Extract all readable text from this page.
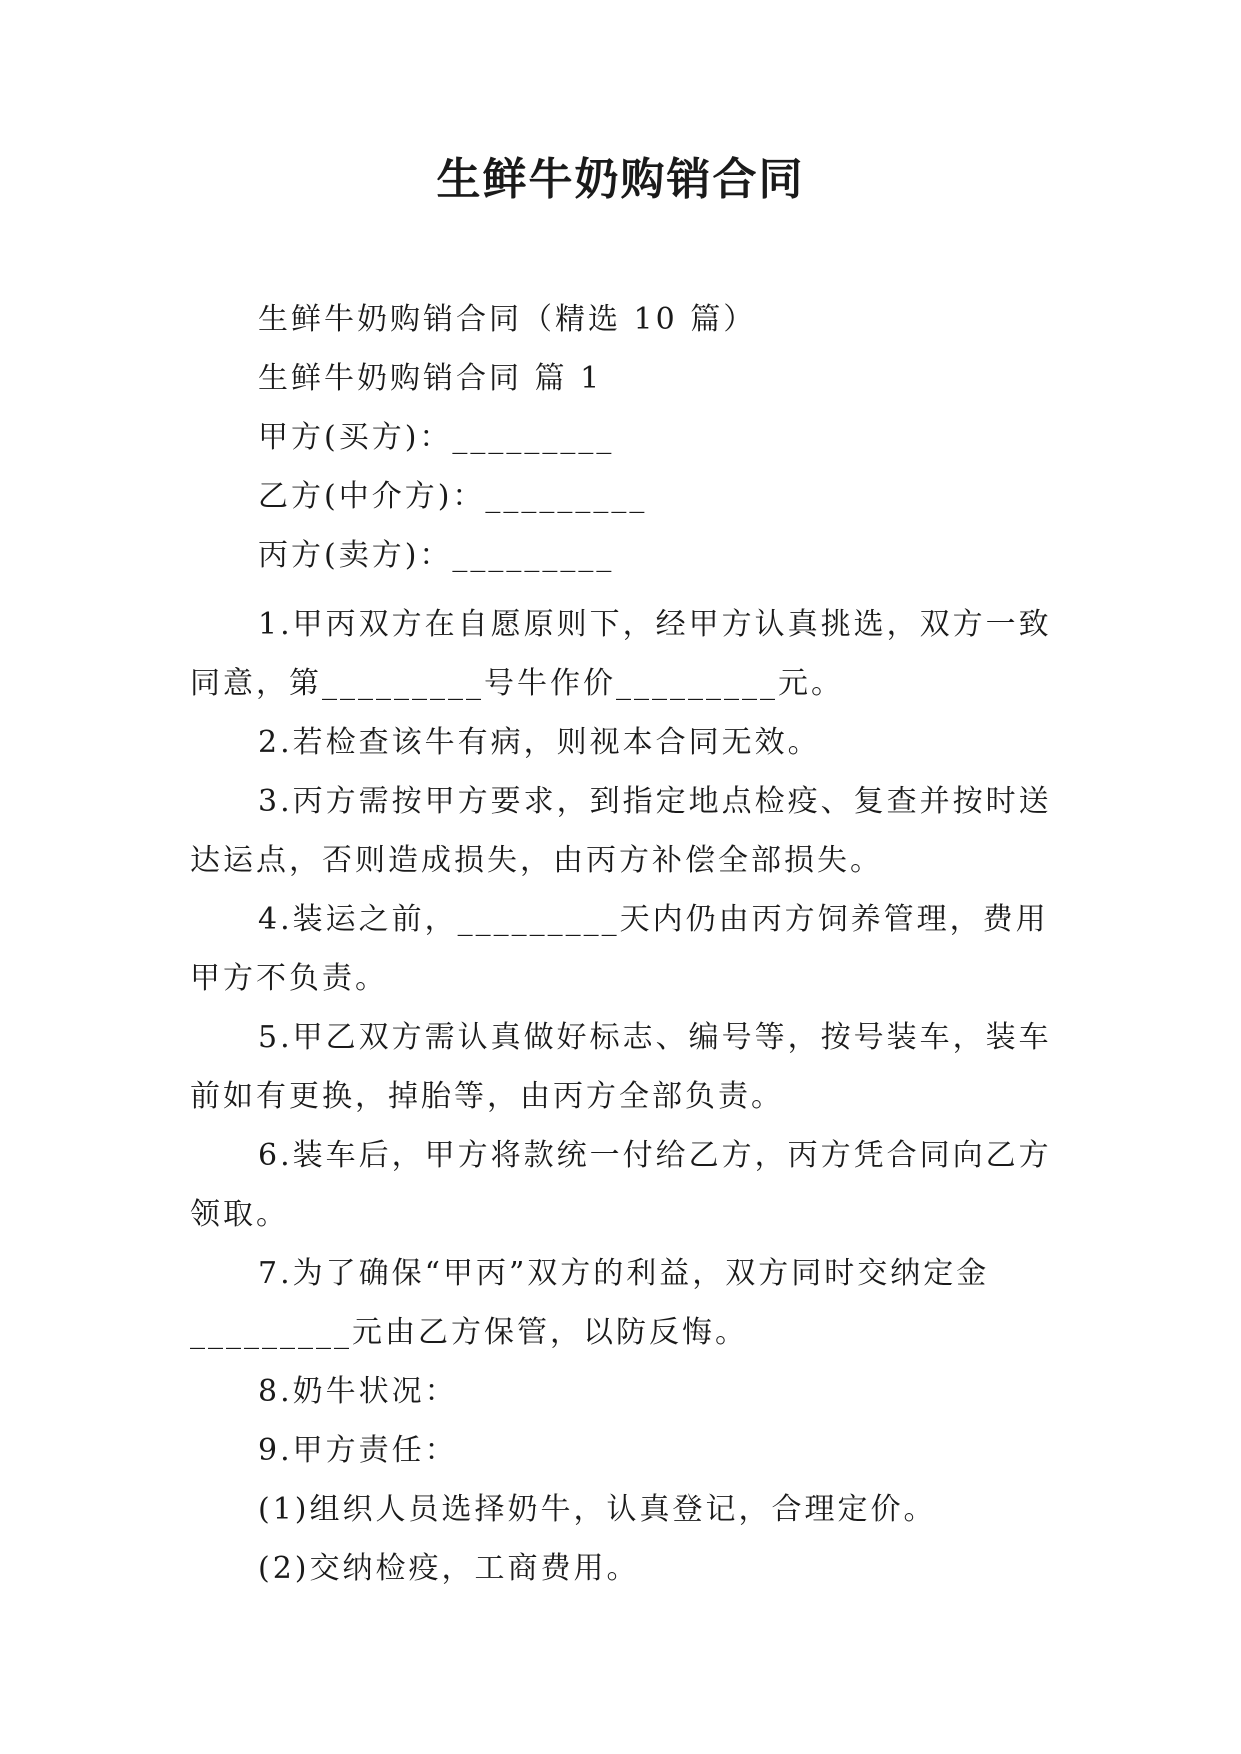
生鲜牛奶购销合同
生鲜牛奶购销合同（精选 10 篇）
生鲜牛奶购销合同 篇 1
甲方(买方)：_________
乙方(中介方)：_________
丙方(卖方)：_________
1.甲丙双方在自愿原则下，经甲方认真挑选，双方一致
同意，第_________号牛作价_________元。
2.若检查该牛有病，则视本合同无效。
3.丙方需按甲方要求，到指定地点检疫、复查并按时送
达运点，否则造成损失，由丙方补偿全部损失。
4.装运之前，_________天内仍由丙方饲养管理，费用
甲方不负责。
5.甲乙双方需认真做好标志、编号等，按号装车，装车
前如有更换，掉胎等，由丙方全部负责。
6.装车后，甲方将款统一付给乙方，丙方凭合同向乙方
领取。
7.为了确保“甲丙”双方的利益，双方同时交纳定金
_________元由乙方保管，以防反悔。
8.奶牛状况：
9.甲方责任：
(1)组织人员选择奶牛，认真登记，合理定价。
(2)交纳检疫，工商费用。
